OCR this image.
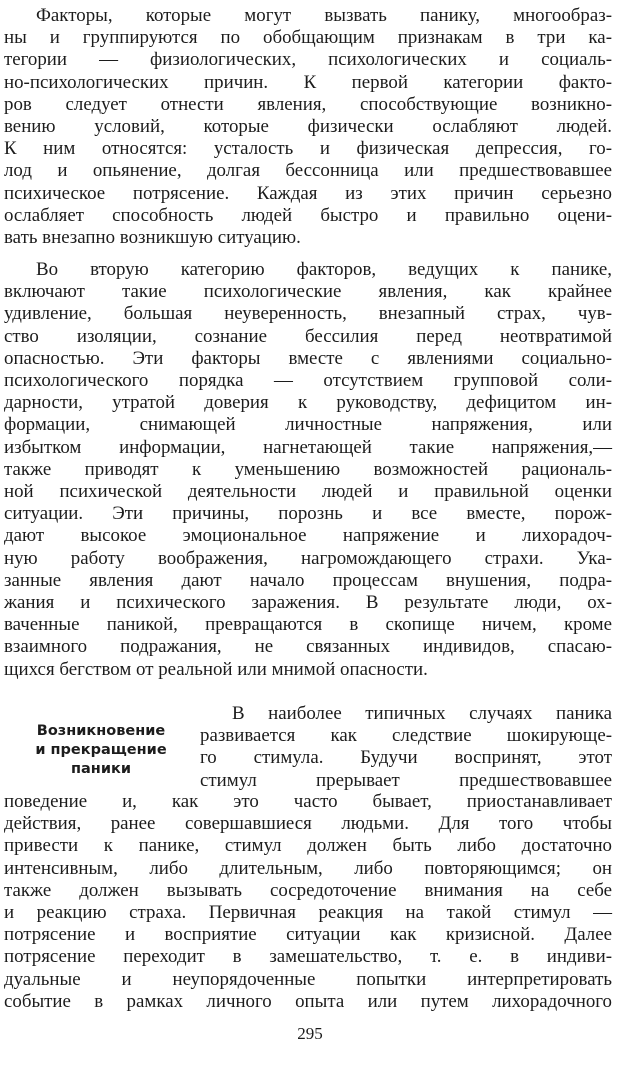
Факторы, которые могут вызвать панику, многообраз-
ны и группируются по обобщающим признакам в три ка-
тегории — физиологических, психологических и социаль-
но-психологических причин. К первой категории факто-
ров следует отнести явления, способствующие возникно-
вению условий, которые физически ослабляют людей.
К ним относятся: усталость и физическая депрессия, го-
лод и опьянение, долгая бессонница или предшествовавшее
психическое потрясение. Каждая из этих причин серьезно
ослабляет способность людей быстро и правильно оцени-
вать внезапно возникшую ситуацию.
Во вторую категорию факторов, ведущих к панике,
включают такие психологические явления, как крайнее
удивление, большая неуверенность, внезапный страх, чув-
ство изоляции, сознание бессилия перед неотвратимой
опасностью. Эти факторы вместе с явлениями социально-
психологического порядка — отсутствием групповой соли-
дарности, утратой доверия к руководству, дефицитом ин-
формации, снимающей личностные напряжения, или
избытком информации, нагнетающей такие напряжения,—
также приводят к уменьшению возможностей рациональ-
ной психической деятельности людей и правильной оценки
ситуации. Эти причины, порознь и все вместе, порож-
дают высокое эмоциональное напряжение и лихорадоч-
ную работу воображения, нагромождающего страхи. Ука-
занные явления дают начало процессам внушения, подра-
жания и психического заражения. В результате люди, ох-
ваченные паникой, превращаются в скопище ничем, кроме
взаимного подражания, не связанных индивидов, спасаю-
щихся бегством от реальной или мнимой опасности.
Возникновение
и прекращение
паники
В наиболее типичных случаях паника
развивается как следствие шокирующе-
го стимула. Будучи воспринят, этот
стимул прерывает предшествовавшее
поведение и, как это часто бывает, приостанавливает
действия, ранее совершавшиеся людьми. Для того чтобы
привести к панике, стимул должен быть либо достаточно
интенсивным, либо длительным, либо повторяющимся; он
также должен вызывать сосредоточение внимания на себе
и реакцию страха. Первичная реакция на такой стимул —
потрясение и восприятие ситуации как кризисной. Далее
потрясение переходит в замешательство, т. е. в индиви-
дуальные и неупорядоченные попытки интерпретировать
событие в рамках личного опыта или путем лихорадочного
295
